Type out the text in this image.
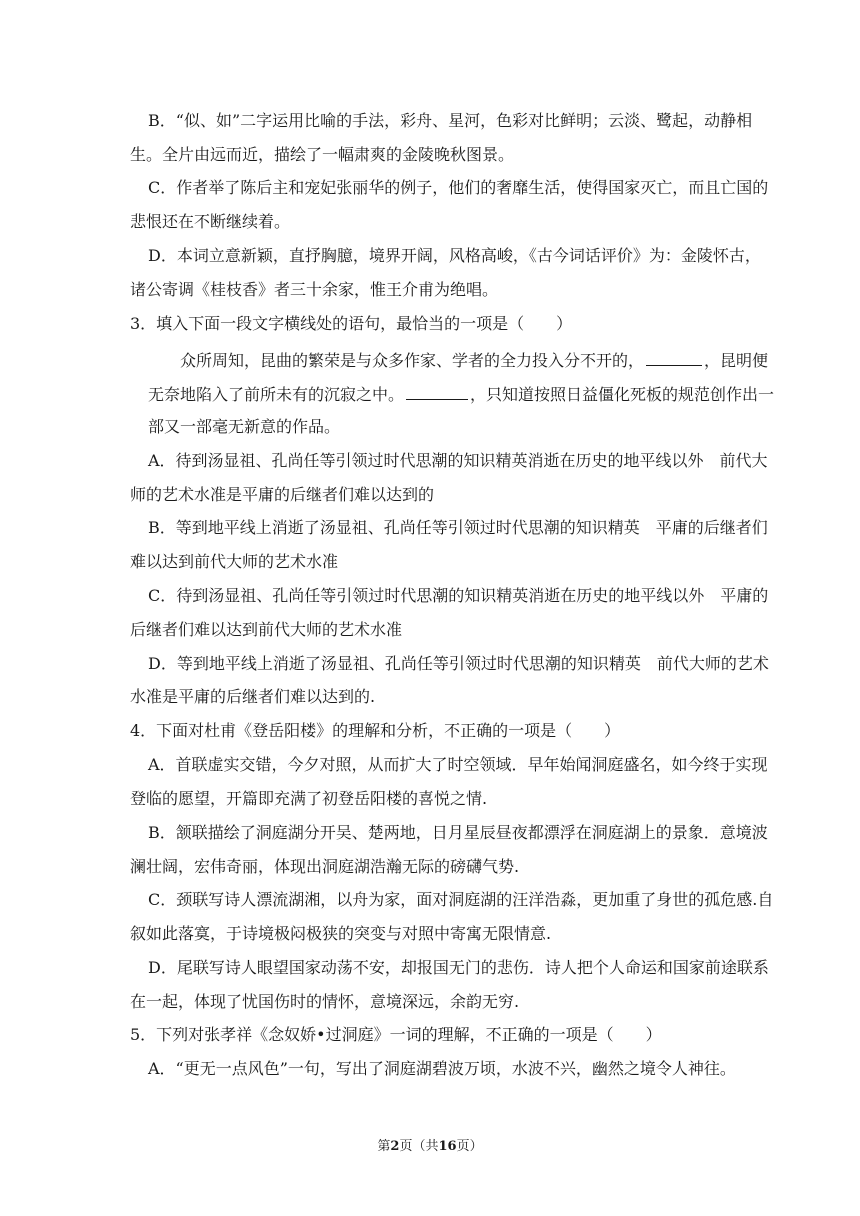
B．“似、如”二字运用比喻的手法，彩舟、星河，色彩对比鲜明；云淡、鹭起，动静相
生。全片由远而近，描绘了一幅肃爽的金陵晚秋图景。
C．作者举了陈后主和宠妃张丽华的例子，他们的奢靡生活，使得国家灭亡，而且亡国的
悲恨还在不断继续着。
D．本词立意新颖，直抒胸臆，境界开阔，风格高峻，《古今词话评价》为：金陵怀古，
诸公寄调《桂枝香》者三十余家，惟王介甫为绝唱。
3．填入下面一段文字横线处的语句，最恰当的一项是（　　）
众所周知，昆曲的繁荣是与众多作家、学者的全力投入分不开的，	，昆明便
无奈地陷入了前所未有的沉寂之中。	，只知道按照日益僵化死板的规范创作出一
部又一部毫无新意的作品。
A．待到汤显祖、孔尚任等引领过时代思潮的知识精英消逝在历史的地平线以外　前代大
师的艺术水准是平庸的后继者们难以达到的
B．等到地平线上消逝了汤显祖、孔尚任等引领过时代思潮的知识精英　平庸的后继者们
难以达到前代大师的艺术水准
C．待到汤显祖、孔尚任等引领过时代思潮的知识精英消逝在历史的地平线以外　平庸的
后继者们难以达到前代大师的艺术水准
D．等到地平线上消逝了汤显祖、孔尚任等引领过时代思潮的知识精英　前代大师的艺术
水准是平庸的后继者们难以达到的.
4．下面对杜甫《登岳阳楼》的理解和分析，不正确的一项是（　　）
A．首联虚实交错，今夕对照，从而扩大了时空领域．早年始闻洞庭盛名，如今终于实现
登临的愿望，开篇即充满了初登岳阳楼的喜悦之情.
B．颔联描绘了洞庭湖分开吴、楚两地，日月星辰昼夜都漂浮在洞庭湖上的景象．意境波
澜壮阔，宏伟奇丽，体现出洞庭湖浩瀚无际的磅礴气势.
C．颈联写诗人漂流湖湘，以舟为家，面对洞庭湖的汪洋浩淼，更加重了身世的孤危感.自
叙如此落寞，于诗境极闷极狭的突变与对照中寄寓无限情意.
D．尾联写诗人眼望国家动荡不安，却报国无门的悲伤．诗人把个人命运和国家前途联系
在一起，体现了忧国伤时的情怀，意境深远，余韵无穷.
5．下列对张孝祥《念奴娇•过洞庭》一词的理解，不正确的一项是（　　）
A．“更无一点风色”一句，写出了洞庭湖碧波万顷，水波不兴，幽然之境令人神往。
第2页（共16页）
